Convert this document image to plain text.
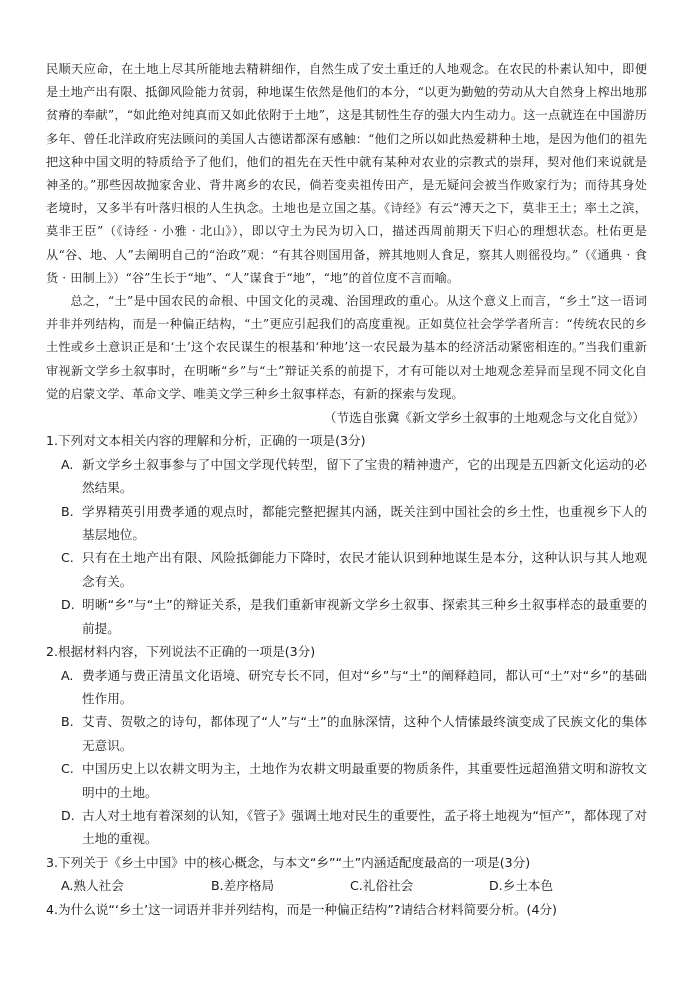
民顺天应命，在土地上尽其所能地去精耕细作，自然生成了安土重迁的人地观念。在农民的朴素认知中，即便是土地产出有限、抵御风险能力贫弱，种地谋生依然是他们的本分，“以更为勤勉的劳动从大自然身上榨出地那贫瘠的奉献”，“如此绝对纯真而又如此依附于土地”，这是其韧性生存的强大内生动力。这一点就连在中国游历多年、曾任北洋政府宪法顾问的美国人古德诺都深有感触：“他们之所以如此热爱耕种土地，是因为他们的祖先把这种中国文明的特质给予了他们，他们的祖先在天性中就有某种对农业的宗教式的崇拜，契对他们来说就是神圣的。”那些因故抛家舍业、背井离乡的农民，倘若变卖祖传田产，是无疑问会被当作败家行为；而待其身处老境时，又多半有叶落归根的人生执念。土地也是立国之基。《诗经》有云“溥天之下，莫非王土；率土之滨，莫非王臣”（《诗经 · 小雅 · 北山》），即以守土为民为切入口，描述西周前期天下归心的理想状态。杜佑更是从“谷、地、人”去阐明自己的“治政”观：“有其谷则国用备，辨其地则人食足，察其人则徭役均。”（《通典 · 食货 · 田制上》）“谷”生长于“地”、“人”谋食于“地”，“地”的首位度不言而喻。

总之，“土”是中国农民的命根、中国文化的灵魂、治国理政的重心。从这个意义上而言，“乡土”这一语词并非并列结构，而是一种偏正结构，“土”更应引起我们的高度重视。正如莫位社会学学者所言：“传统农民的乡土性或乡土意识正是和‘土’这个农民谋生的根基和‘种地’这一农民最为基本的经济活动紧密相连的。”当我们重新审视新文学乡土叙事时，在明晰“乡”与“土”辩证关系的前提下，才有可能以对土地观念差异而呈现不同文化自觉的启蒙文学、革命文学、唯美文学三种乡土叙事样态，有新的探索与发现。

（节选自张冀《新文学乡土叙事的土地观念与文化自觉》）

1.下列对文本相关内容的理解和分析，正确的一项是(3分)

A. 新文学乡土叙事参与了中国文学现代转型，留下了宝贵的精神遗产，它的出现是五四新文化运动的必然结果。
B. 学界精英引用费孝通的观点时，都能完整把握其内涵，既关注到中国社会的乡土性，也重视乡下人的基层地位。
C. 只有在土地产出有限、风险抵御能力下降时，农民才能认识到种地谋生是本分，这种认识与其人地观念有关。
D. 明晰“乡”与“土”的辩证关系，是我们重新审视新文学乡土叙事、探索其三种乡土叙事样态的最重要的前提。

2.根据材料内容，下列说法不正确的一项是(3分)

A. 费孝通与费正清虽文化语境、研究专长不同，但对“乡”与“土”的阐释趋同，都认可“土”对“乡”的基础性作用。
B. 艾青、贺敬之的诗句，都体现了“人”与“土”的血脉深情，这种个人情愫最终演变成了民族文化的集体无意识。
C. 中国历史上以农耕文明为主，土地作为农耕文明最重要的物质条件，其重要性远超渔猎文明和游牧文明中的土地。
D. 古人对土地有着深刻的认知，《管子》强调土地对民生的重要性，孟子将土地视为“恒产”，都体现了对土地的重视。

3.下列关于《乡土中国》中的核心概念，与本文“乡”“土”内涵适配度最高的一项是(3分)

A.熟人社会	B.差序格局	C.礼俗社会	D.乡土本色

4.为什么说“‘乡土’这一词语并非并列结构，而是一种偏正结构”?请结合材料简要分析。(4分)
